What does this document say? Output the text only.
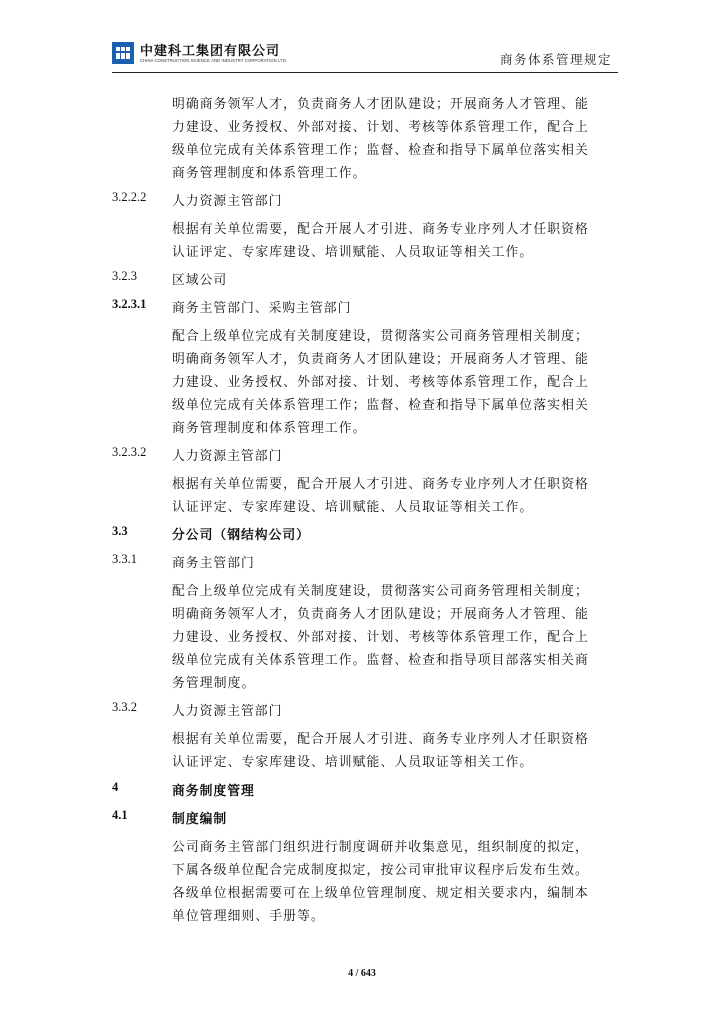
中建科工集团有限公司
CHINA CONSTRUCTION SCIENCE AND INDUSTRY CORPORATION LTD.	商务体系管理规定
明确商务领军人才，负责商务人才团队建设；开展商务人才管理、能
力建设、业务授权、外部对接、计划、考核等体系管理工作，配合上
级单位完成有关体系管理工作；监督、检查和指导下属单位落实相关
商务管理制度和体系管理工作。
3.2.2.2 人力资源主管部门
根据有关单位需要，配合开展人才引进、商务专业序列人才任职资格
认证评定、专家库建设、培训赋能、人员取证等相关工作。
3.2.3	区域公司
3.2.3.1 商务主管部门、采购主管部门
配合上级单位完成有关制度建设，贯彻落实公司商务管理相关制度；
明确商务领军人才，负责商务人才团队建设；开展商务人才管理、能
力建设、业务授权、外部对接、计划、考核等体系管理工作，配合上
级单位完成有关体系管理工作；监督、检查和指导下属单位落实相关
商务管理制度和体系管理工作。
3.2.3.2 人力资源主管部门
根据有关单位需要，配合开展人才引进、商务专业序列人才任职资格
认证评定、专家库建设、培训赋能、人员取证等相关工作。
3.3	分公司（钢结构公司）
3.3.1	商务主管部门
配合上级单位完成有关制度建设，贯彻落实公司商务管理相关制度；
明确商务领军人才，负责商务人才团队建设；开展商务人才管理、能
力建设、业务授权、外部对接、计划、考核等体系管理工作，配合上
级单位完成有关体系管理工作。监督、检查和指导项目部落实相关商
务管理制度。
3.3.2	人力资源主管部门
根据有关单位需要，配合开展人才引进、商务专业序列人才任职资格
认证评定、专家库建设、培训赋能、人员取证等相关工作。
4	商务制度管理
4.1	制度编制
公司商务主管部门组织进行制度调研并收集意见，组织制度的拟定，
下属各级单位配合完成制度拟定，按公司审批审议程序后发布生效。
各级单位根据需要可在上级单位管理制度、规定相关要求内，编制本
单位管理细则、手册等。
4 / 643
